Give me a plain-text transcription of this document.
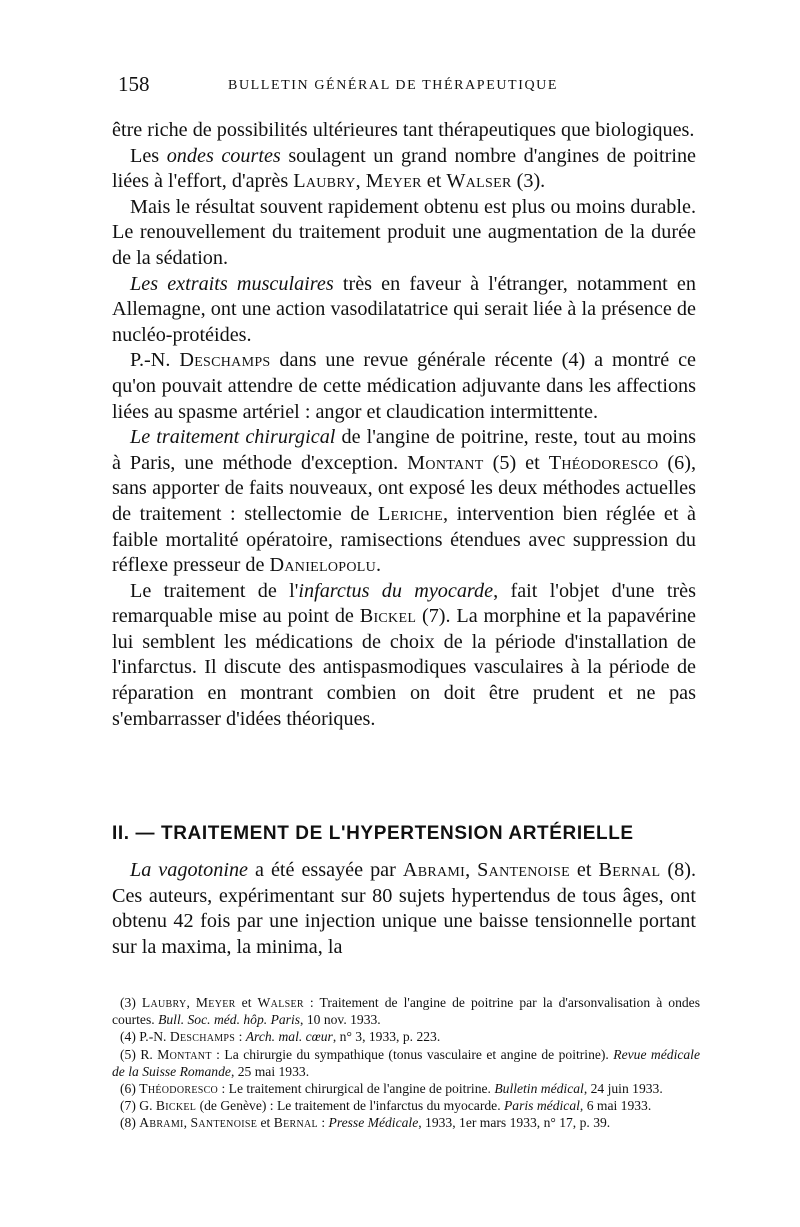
158	BULLETIN GÉNÉRAL DE THÉRAPEUTIQUE

être riche de possibilités ultérieures tant thérapeutiques que biologiques.

Les ondes courtes soulagent un grand nombre d'angines de poitrine liées à l'effort, d'après Laubry, Meyer et Walser (3).

Mais le résultat souvent rapidement obtenu est plus ou moins durable. Le renouvellement du traitement produit une augmentation de la durée de la sédation.

Les extraits musculaires très en faveur à l'étranger, notamment en Allemagne, ont une action vasodilatatrice qui serait liée à la présence de nucléo-protéides.

P.-N. Deschamps dans une revue générale récente (4) a montré ce qu'on pouvait attendre de cette médication adjuvante dans les affections liées au spasme artériel : angor et claudication intermittente.

Le traitement chirurgical de l'angine de poitrine, reste, tout au moins à Paris, une méthode d'exception. Montant (5) et Théodoresco (6), sans apporter de faits nouveaux, ont exposé les deux méthodes actuelles de traitement : stellectomie de Leriche, intervention bien réglée et à faible mortalité opératoire, ramisections étendues avec suppression du réflexe presseur de Danielopolu.

Le traitement de l'infarctus du myocarde, fait l'objet d'une très remarquable mise au point de Bickel (7). La morphine et la papavérine lui semblent les médications de choix de la période d'installation de l'infarctus. Il discute des antispasmodiques vasculaires à la période de réparation en montrant combien on doit être prudent et ne pas s'embarrasser d'idées théoriques.

II. — TRAITEMENT DE L'HYPERTENSION ARTÉRIELLE

La vagotonine a été essayée par Abrami, Santenoise et Bernal (8). Ces auteurs, expérimentant sur 80 sujets hypertendus de tous âges, ont obtenu 42 fois par une injection unique une baisse tensionnelle portant sur la maxima, la minima, la

(3) Laubry, Meyer et Walser : Traitement de l'angine de poitrine par la d'arsonvalisation à ondes courtes. Bull. Soc. méd. hôp. Paris, 10 nov. 1933.

(4) P.-N. Deschamps : Arch. mal. cœur, n° 3, 1933, p. 223.

(5) R. Montant : La chirurgie du sympathique (tonus vasculaire et angine de poitrine). Revue médicale de la Suisse Romande, 25 mai 1933.

(6) Théodoresco : Le traitement chirurgical de l'angine de poitrine. Bulletin médical, 24 juin 1933.

(7) G. Bickel (de Genève) : Le traitement de l'infarctus du myocarde. Paris médical, 6 mai 1933.

(8) Abrami, Santenoise et Bernal : Presse Médicale, 1933, 1er mars 1933, n° 17, p. 39.
